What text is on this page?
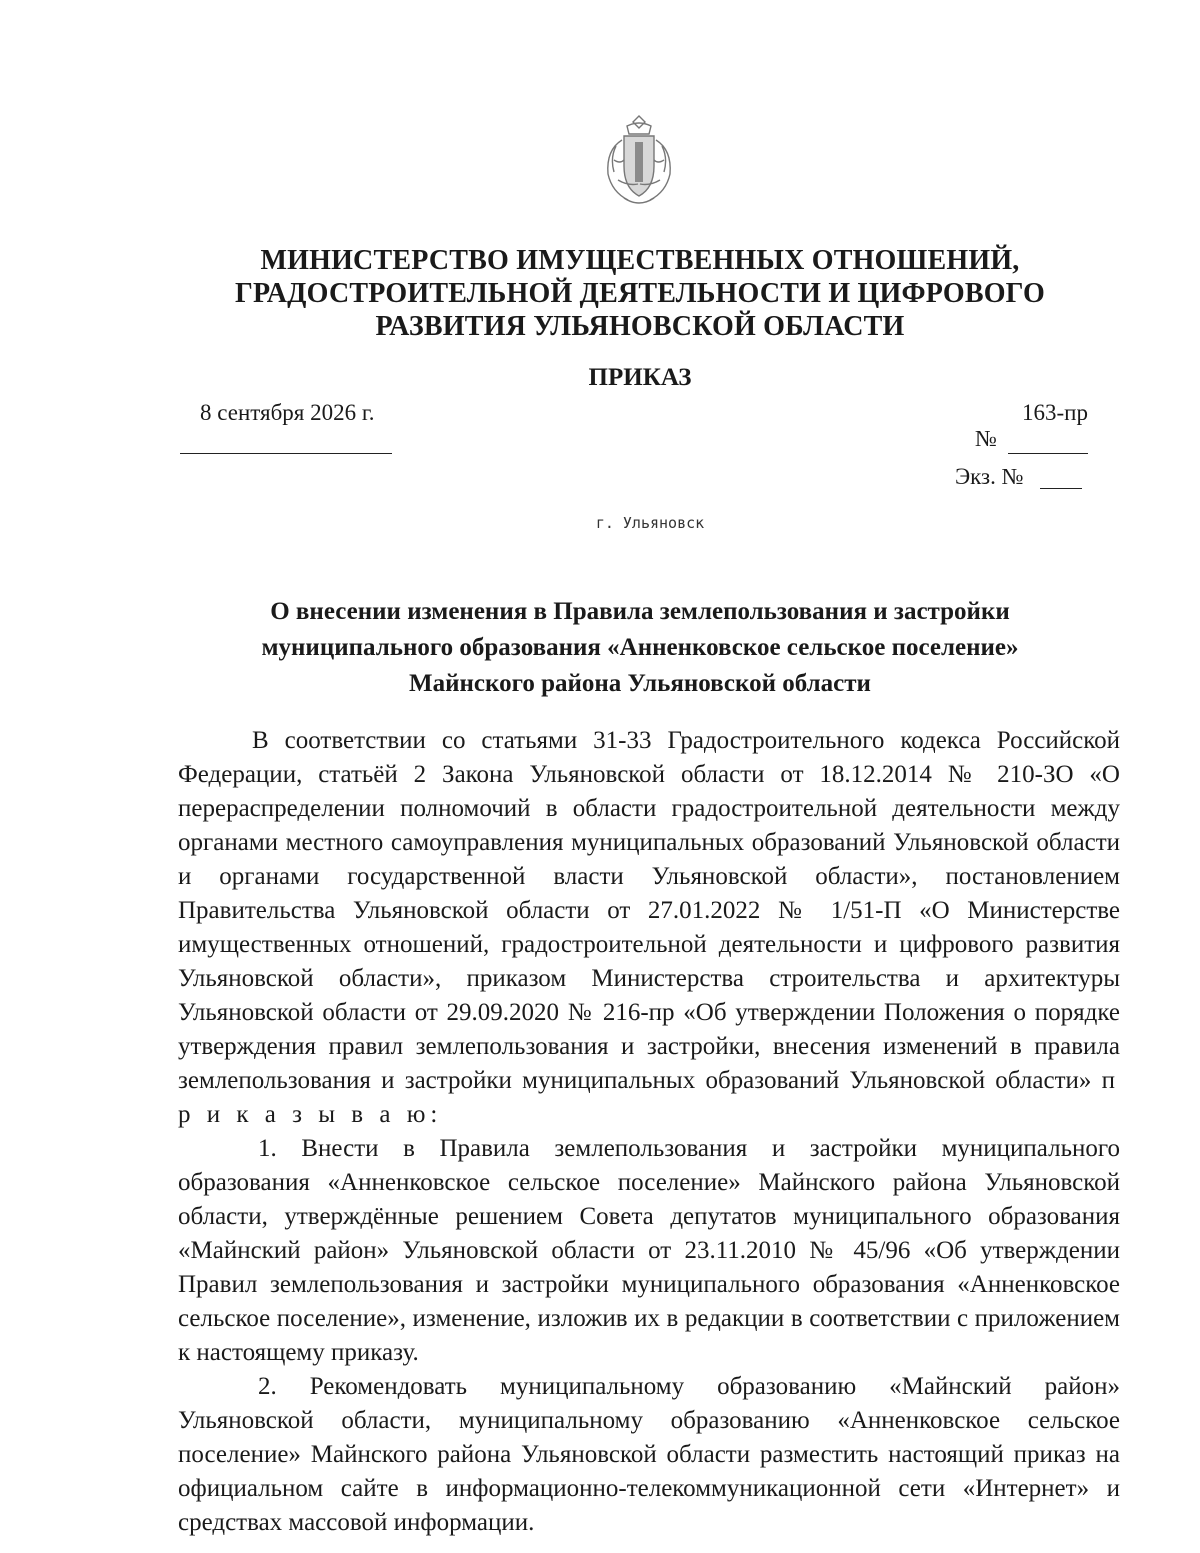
МИНИСТЕРСТВО ИМУЩЕСТВЕННЫХ ОТНОШЕНИЙ, ГРАДОСТРОИТЕЛЬНОЙ ДЕЯТЕЛЬНОСТИ И ЦИФРОВОГО РАЗВИТИЯ УЛЬЯНОВСКОЙ ОБЛАСТИ
ПРИКАЗ
8 сентября 2026 г.	163-пр
№
Экз. №
г. Ульяновск
О внесении изменения в Правила землепользования и застройки муниципального образования «Анненковское сельское поселение» Майнского района Ульяновской области

В соответствии со статьями 31-33 Градостроительного кодекса Российской Федерации, статьёй 2 Закона Ульяновской области от 18.12.2014 № 210-ЗО «О перераспределении полномочий в области градостроительной деятельности между органами местного самоуправления муниципальных образований Ульяновской области и органами государственной власти Ульяновской области», постановлением Правительства Ульяновской области от 27.01.2022 № 1/51-П «О Министерстве имущественных отношений, градостроительной деятельности и цифрового развития Ульяновской области», приказом Министерства строительства и архитектуры Ульяновской области от 29.09.2020 № 216-пр «Об утверждении Положения о порядке утверждения правил землепользования и застройки, внесения изменений в правила землепользования и застройки муниципальных образований Ульяновской области» п р и к а з ы в а ю:

1. Внести в Правила землепользования и застройки муниципального образования «Анненковское сельское поселение» Майнского района Ульяновской области, утверждённые решением Совета депутатов муниципального образования «Майнский район» Ульяновской области от 23.11.2010 № 45/96 «Об утверждении Правил землепользования и застройки муниципального образования «Анненковское сельское поселение», изменение, изложив их в редакции в соответствии с приложением к настоящему приказу.

2. Рекомендовать муниципальному образованию «Майнский район» Ульяновской области, муниципальному образованию «Анненковское сельское поселение» Майнского района Ульяновской области разместить настоящий приказ на официальном сайте в информационно-телекоммуникационной сети «Интернет» и средствах массовой информации.
